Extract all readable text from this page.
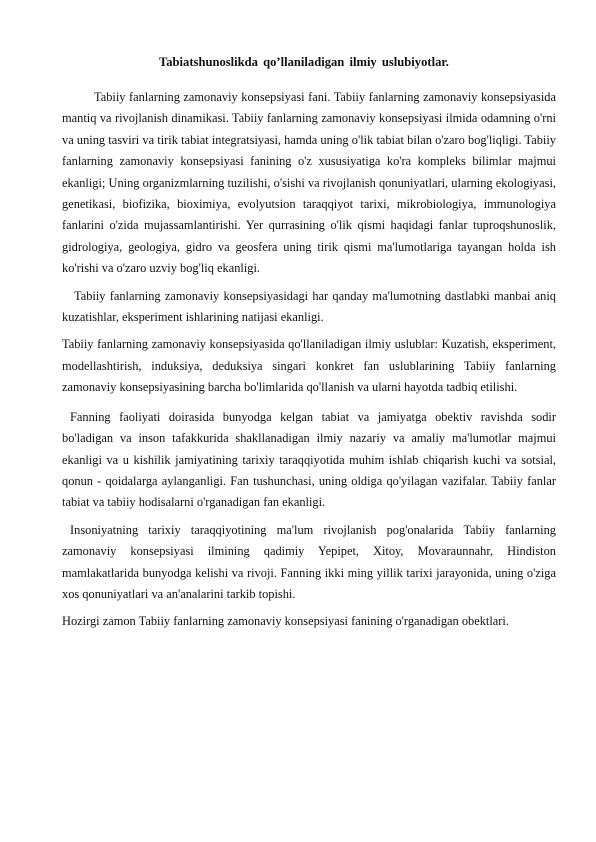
Tabiatshunoslikda qo’llaniladigan ilmiy uslubiyotlar.

Tabiiy fanlarning zamonaviy konsepsiyasi fani. Tabiiy fanlarning zamonaviy konsepsiyasida mantiq va rivojlanish dinamikasi. Tabiiy fanlarning zamonaviy konsepsiyasi ilmida odamning o'rni va uning tasviri va tirik tabiat integratsiyasi, hamda uning o'lik tabiat bilan o'zaro bog'liqligi. Tabiiy fanlarning zamonaviy konsepsiyasi fanining o'z xususiyatiga ko'ra kompleks bilimlar majmui ekanligi; Uning organizmlarning tuzilishi, o'sishi va rivojlanish qonuniyatlari, ularning ekologiyasi, genetikasi, biofizika, bioximiya, evolyutsion taraqqiyot tarixi, mikrobiologiya, immunologiya fanlarini o'zida mujassamlantirishi. Yer qurrasining o'lik qismi haqidagi fanlar tuproqshunoslik, gidrologiya, geologiya, gidro va geosfera uning tirik qismi ma'lumotlariga tayangan holda ish ko'rishi va o'zaro uzviy bog'liq ekanligi.

Tabiiy fanlarning zamonaviy konsepsiyasidagi har qanday ma'lumotning dastlabki manbai aniq kuzatishlar, eksperiment ishlarining natijasi ekanligi.

Tabiiy fanlarning zamonaviy konsepsiyasida qo'llaniladigan ilmiy uslublar: Kuzatish, eksperiment, modellashtirish, induksiya, deduksiya singari konkret fan uslublarining Tabiiy fanlarning zamonaviy konsepsiyasining barcha bo'limlarida qo'llanish va ularni hayotda tadbiq etilishi.

Fanning faoliyati doirasida bunyodga kelgan tabiat va jamiyatga obektiv ravishda sodir bo'ladigan va inson tafakkurida shakllanadigan ilmiy nazariy va amaliy ma'lumotlar majmui ekanligi va u kishilik jamiyatining tarixiy taraqqiyotida muhim ishlab chiqarish kuchi va sotsial, qonun - qoidalarga aylanganligi. Fan tushunchasi, uning oldiga qo'yilagan vazifalar. Tabiiy fanlar tabiat va tabiiy hodisalarni o'rganadigan fan ekanligi.

Insoniyatning tarixiy taraqqiyotining ma'lum rivojlanish pog'onalarida Tabiiy fanlarning zamonaviy konsepsiyasi ilmining qadimiy Yepipet, Xitoy, Movaraunnahr, Hindiston mamlakatlarida bunyodga kelishi va rivoji. Fanning ikki ming yillik tarixi jarayonida, uning o'ziga xos qonuniyatlari va an'analarini tarkib topishi.

Hozirgi zamon Tabiiy fanlarning zamonaviy konsepsiyasi fanining o'rganadigan obektlari.
